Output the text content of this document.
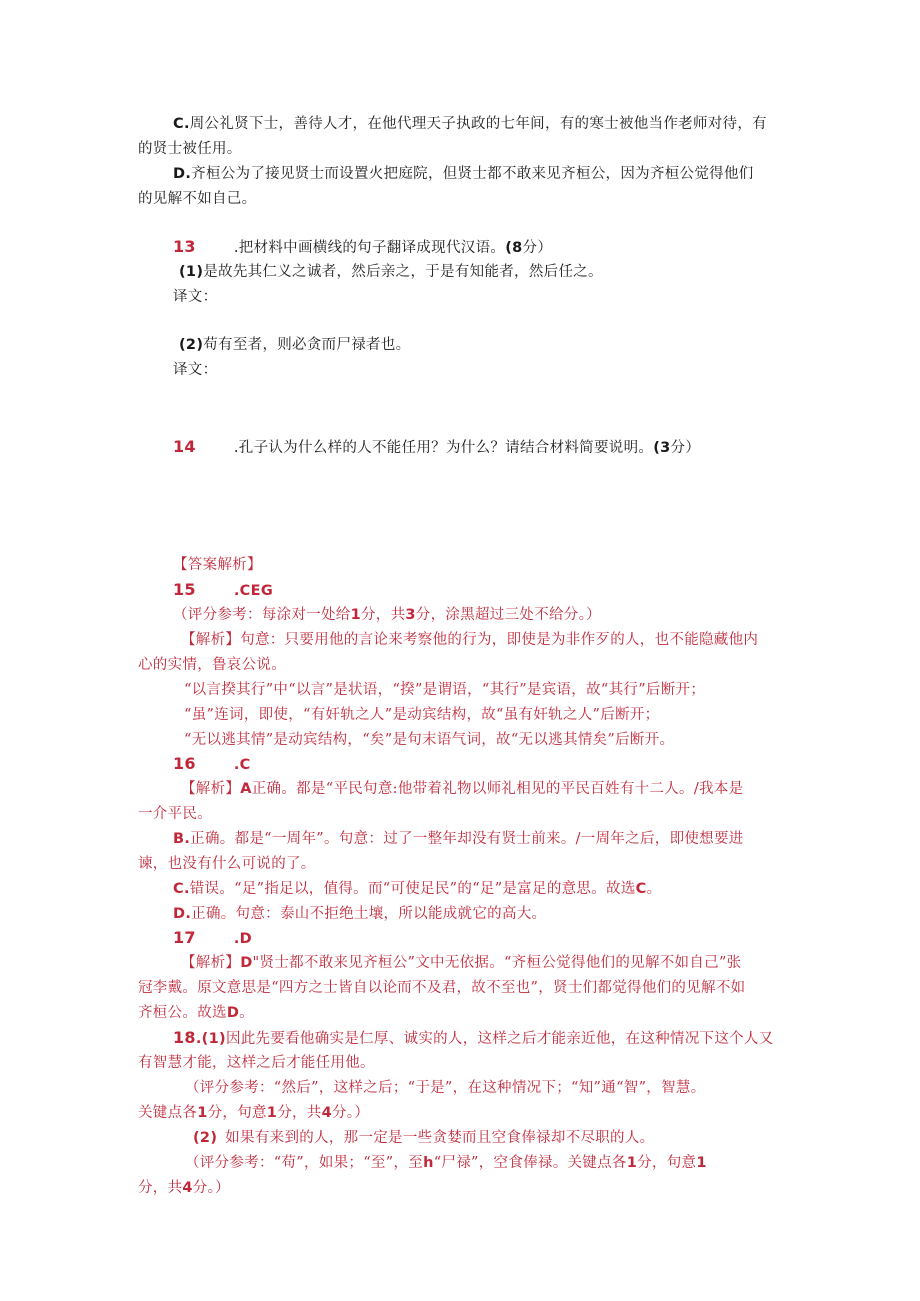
C.周公礼贤下士，善待人才，在他代理天子执政的七年间，有的寒士被他当作老师对待，有
的贤士被任用。
D.齐桓公为了接见贤士而设置火把庭院，但贤士都不敢来见齐桓公，因为齐桓公觉得他们
的见解不如自己。
13	.把材料中画横线的句子翻译成现代汉语。(8分）
(1)是故先其仁义之诚者，然后亲之，于是有知能者，然后任之。
译文：
(2)苟有至者，则必贪而尸禄者也。
译文：
14	.孔子认为什么样的人不能任用？为什么？请结合材料简要说明。(3分）
【答案解析】
15	.CEG
（评分参考：每涂对一处给1分，共3分，涂黑超过三处不给分。）
【解析】句意：只要用他的言论来考察他的行为，即使是为非作歹的人，也不能隐藏他内
心的实情，鲁哀公说。
“以言揆其行”中“以言”是状语，“揆”是谓语，“其行”是宾语，故“其行”后断开；
“虽”连词，即使，“有奸轨之人”是动宾结构，故“虽有奸轨之人”后断开；
“无以逃其情”是动宾结构，“矣”是句末语气词，故“无以逃其情矣”后断开。
16	.C
【解析】A正确。都是“平民句意:他带着礼物以师礼相见的平民百姓有十二人。/我本是
一介平民。
B.正确。都是“一周年”。句意：过了一整年却没有贤士前来。/一周年之后，即使想要进
谏，也没有什么可说的了。
C.错误。“足”指足以，值得。而“可使足民”的“足”是富足的意思。故选C。
D.正确。句意：泰山不拒绝土壤，所以能成就它的高大。
17	.D
【解析】D"贤士都不敢来见齐桓公”文中无依据。“齐桓公觉得他们的见解不如自己”张
冠李戴。原文意思是“四方之士皆自以论而不及君，故不至也”，贤士们都觉得他们的见解不如
齐桓公。故选D。
18.(1)因此先要看他确实是仁厚、诚实的人，这样之后才能亲近他，在这种情况下这个人又
有智慧才能，这样之后才能任用他。
（评分参考：“然后”，这样之后；“于是”，在这种情况下；“知”通“智”，智慧。
关键点各1分，句意1分，共4分。）
(2) 如果有来到的人，那一定是一些贪婪而且空食俸禄却不尽职的人。
（评分参考：“苟”，如果；“至”，至h“尸禄”，空食俸禄。关键点各1分，句意1
分，共4分。）
